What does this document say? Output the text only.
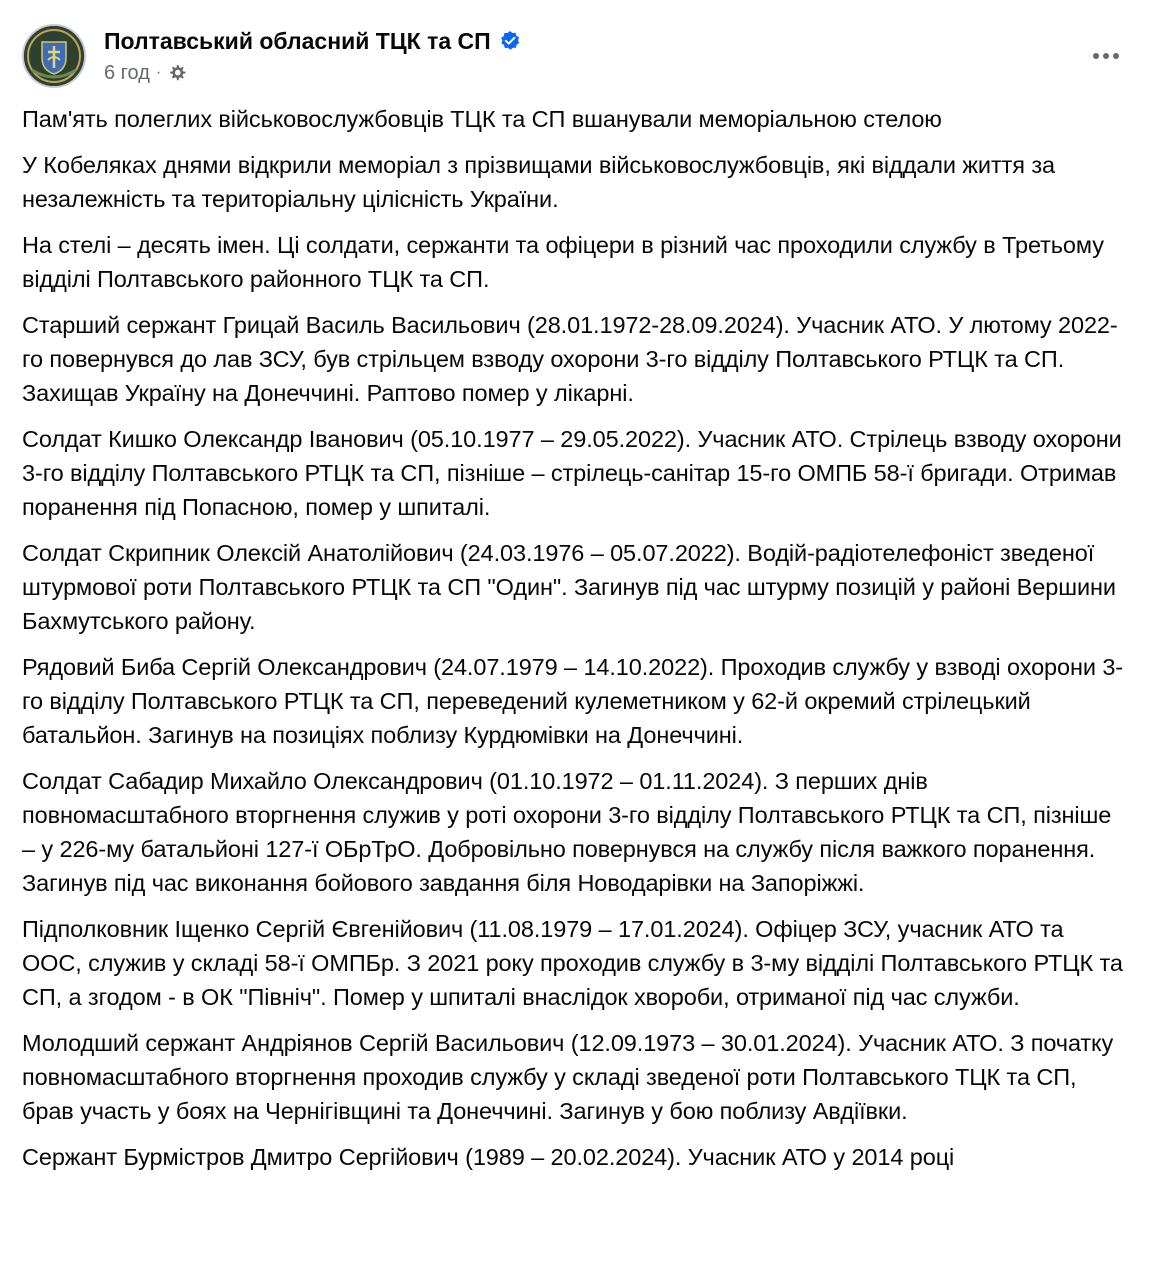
Полтавський обласний ТЦК та СП
6 год ·

Пам'ять полеглих військовослужбовців ТЦК та СП вшанували меморіальною стелою

У Кобеляках днями відкрили меморіал з прізвищами військовослужбовців, які віддали життя за незалежність та територіальну цілісність України.

На стелі – десять імен. Ці солдати, сержанти та офіцери в різний час проходили службу в Третьому відділі Полтавського районного ТЦК та СП.

Старший сержант Грицай Василь Васильович (28.01.1972-28.09.2024). Учасник АТО. У лютому 2022-го повернувся до лав ЗСУ, був стрільцем взводу охорони 3-го відділу Полтавського РТЦК та СП. Захищав Україну на Донеччині. Раптово помер у лікарні.

Солдат Кишко Олександр Іванович (05.10.1977 – 29.05.2022). Учасник АТО. Стрілець взводу охорони 3-го відділу Полтавського РТЦК та СП, пізніше – стрілець-санітар 15-го ОМПБ 58-ї бригади. Отримав поранення під Попасною, помер у шпиталі.

Солдат Скрипник Олексій Анатолійович (24.03.1976 – 05.07.2022). Водій-радіотелефоніст зведеної штурмової роти Полтавського РТЦК та СП "Один". Загинув під час штурму позицій у районі Вершини Бахмутського району.

Рядовий Биба Сергій Олександрович (24.07.1979 – 14.10.2022). Проходив службу у взводі охорони 3-го відділу Полтавського РТЦК та СП, переведений кулеметником у 62-й окремий стрілецький батальйон. Загинув на позиціях поблизу Курдюмівки на Донеччині.

Солдат Сабадир Михайло Олександрович (01.10.1972 – 01.11.2024). З перших днів повномасштабного вторгнення служив у роті охорони 3-го відділу Полтавського РТЦК та СП, пізніше – у 226-му батальйоні 127-ї ОБрТрО. Добровільно повернувся на службу після важкого поранення. Загинув під час виконання бойового завдання біля Новодарівки на Запоріжжі.

Підполковник Іщенко Сергій Євгенійович (11.08.1979 – 17.01.2024). Офіцер ЗСУ, учасник АТО та ООС, служив у складі 58-ї ОМПБр. З 2021 року проходив службу в 3-му відділі Полтавського РТЦК та СП, а згодом - в ОК "Північ". Помер у шпиталі внаслідок хвороби, отриманої під час служби.

Молодший сержант Андріянов Сергій Васильович (12.09.1973 – 30.01.2024). Учасник АТО. З початку повномасштабного вторгнення проходив службу у складі зведеної роти Полтавського ТЦК та СП, брав участь у боях на Чернігівщині та Донеччині. Загинув у бою поблизу Авдіївки.

Сержант Бурмістров Дмитро Сергійович (1989 – 20.02.2024). Учасник АТО у 2014 році
